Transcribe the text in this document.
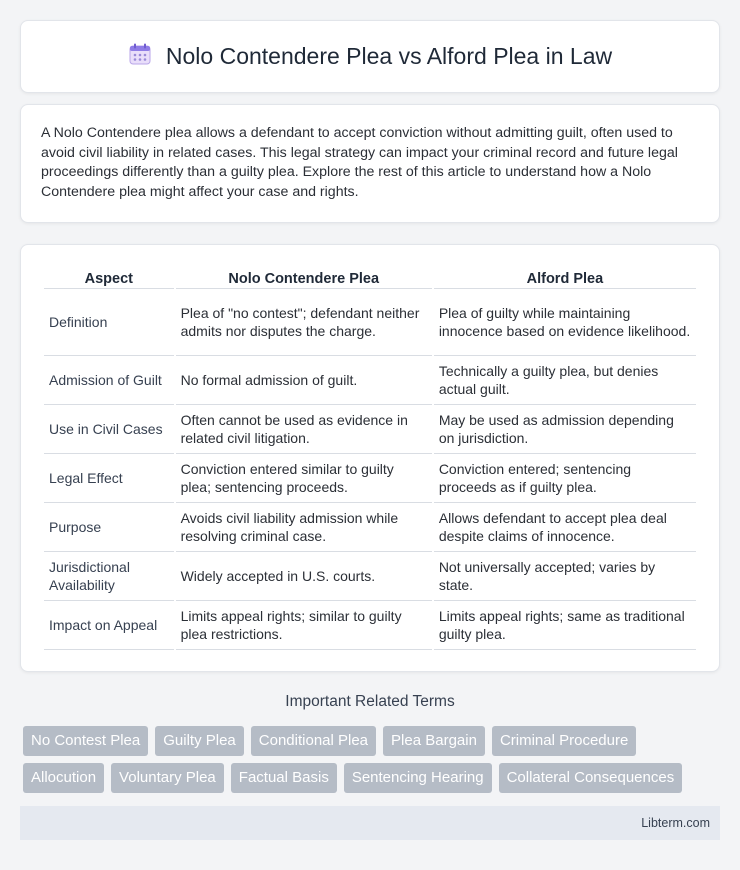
Nolo Contendere Plea vs Alford Plea in Law

A Nolo Contendere plea allows a defendant to accept conviction without admitting guilt, often used to avoid civil liability in related cases. This legal strategy can impact your criminal record and future legal proceedings differently than a guilty plea. Explore the rest of this article to understand how a Nolo Contendere plea might affect your case and rights.

Aspect	Nolo Contendere Plea	Alford Plea
Definition	Plea of "no contest"; defendant neither admits nor disputes the charge.	Plea of guilty while maintaining innocence based on evidence likelihood.
Admission of Guilt	No formal admission of guilt.	Technically a guilty plea, but denies actual guilt.
Use in Civil Cases	Often cannot be used as evidence in related civil litigation.	May be used as admission depending on jurisdiction.
Legal Effect	Conviction entered similar to guilty plea; sentencing proceeds.	Conviction entered; sentencing proceeds as if guilty plea.
Purpose	Avoids civil liability admission while resolving criminal case.	Allows defendant to accept plea deal despite claims of innocence.
Jurisdictional Availability	Widely accepted in U.S. courts.	Not universally accepted; varies by state.
Impact on Appeal	Limits appeal rights; similar to guilty plea restrictions.	Limits appeal rights; same as traditional guilty plea.
Important Related Terms
No Contest Plea	Guilty Plea	Conditional Plea	Plea Bargain	Criminal Procedure
Allocution	Voluntary Plea	Factual Basis	Sentencing Hearing	Collateral Consequences
Libterm.com
